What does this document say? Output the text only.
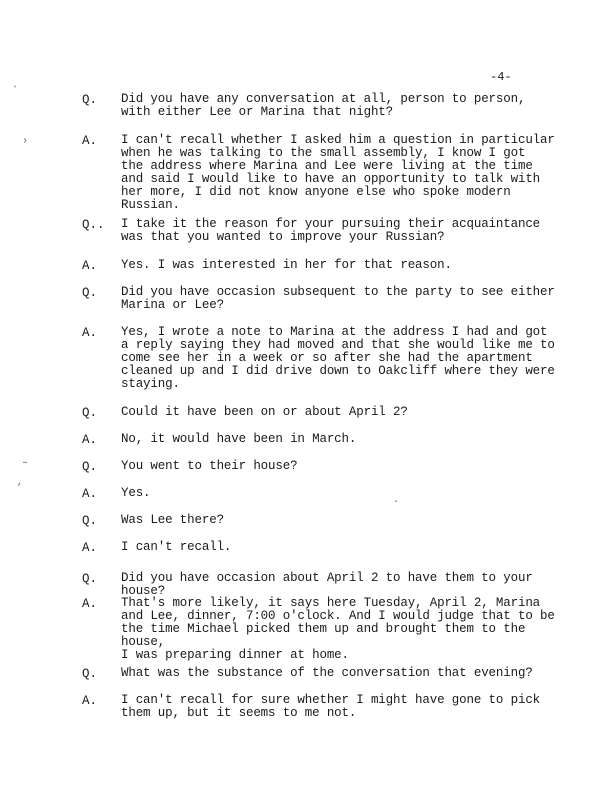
-4-
ʼ
›
–
‘
·
Q. Did you have any conversation at all, person to person,
with either Lee or Marina that night?
A. I can't recall whether I asked him a question in particular
when he was talking to the small assembly, I know I got
the address where Marina and Lee were living at the time
and said I would like to have an opportunity to talk with
her more, I did not know anyone else who spoke modern Russian.
Q.. I take it the reason for your pursuing their acquaintance
was that you wanted to improve your Russian?
A. Yes. I was interested in her for that reason.
Q. Did you have occasion subsequent to the party to see either
Marina or Lee?
A. Yes, I wrote a note to Marina at the address I had and got
a reply saying they had moved and that she would like me to
come see her in a week or so after she had the apartment
cleaned up and I did drive down to Oakcliff where they were
staying.
Q. Could it have been on or about April 2?
A. No, it would have been in March.
Q. You went to their house?
A. Yes.
Q. Was Lee there?
A. I can't recall.
Q. Did you have occasion about April 2 to have them to your house?
A. That's more likely, it says here Tuesday, April 2, Marina
and Lee, dinner, 7:00 o'clock. And I would judge that to be
the time Michael picked them up and brought them to the house,
I was preparing dinner at home.
Q. What was the substance of the conversation that evening?
A. I can't recall for sure whether I might have gone to pick
them up, but it seems to me not.
